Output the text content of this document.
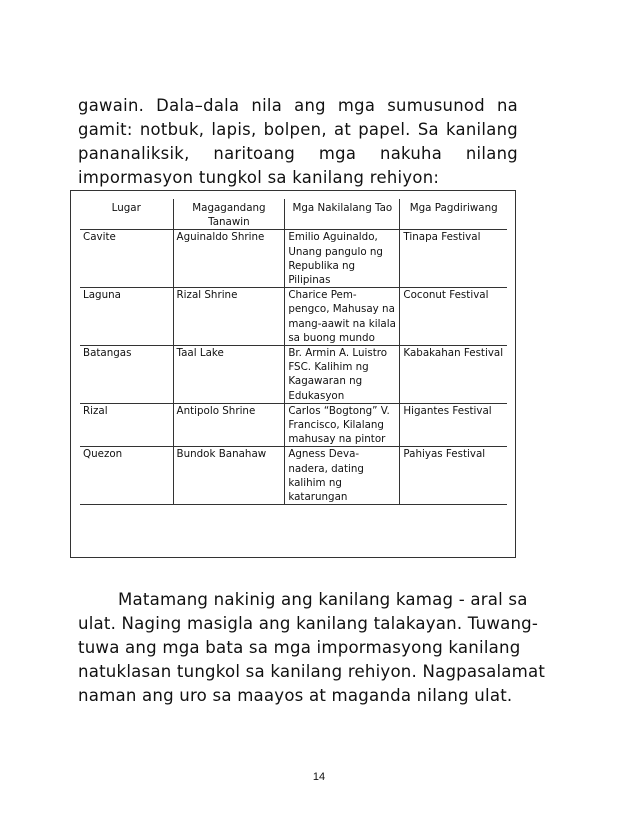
gawain. Dala–dala nila ang mga sumusunod na gamit: notbuk, lapis, bolpen, at papel. Sa kanilang pananaliksik, naritoang mga nakuha nilang impormasyon tungkol sa kanilang rehiyon:

Lugar	Magagandang Tanawin	Mga Nakilalang Tao	Mga Pagdiriwang
Cavite	Aguinaldo Shrine	Emilio Aguinaldo, Unang pangulo ng Republika ng Pilipinas	Tinapa Festival
Laguna	Rizal Shrine	Charice Pem-pengco, Mahusay na mang-aawit na kilala sa buong mundo	Coconut Festival
Batangas	Taal Lake	Br. Armin A. Luistro FSC. Kalihim ng Kagawaran ng Edukasyon	Kabakahan Festival
Rizal	Antipolo Shrine	Carlos “Bogtong” V. Francisco, Kilalang mahusay na pintor	Higantes Festival
Quezon	Bundok Banahaw	Agness Deva-nadera, dating kalihim ng katarungan	Pahiyas Festival

Matamang nakinig ang kanilang kamag - aral sa ulat. Naging masigla ang kanilang talakayan. Tuwang- tuwa ang mga bata sa mga impormasyong kanilang natuklasan tungkol sa kanilang rehiyon. Nagpasalamat naman ang uro sa maayos at maganda nilang ulat.

14
